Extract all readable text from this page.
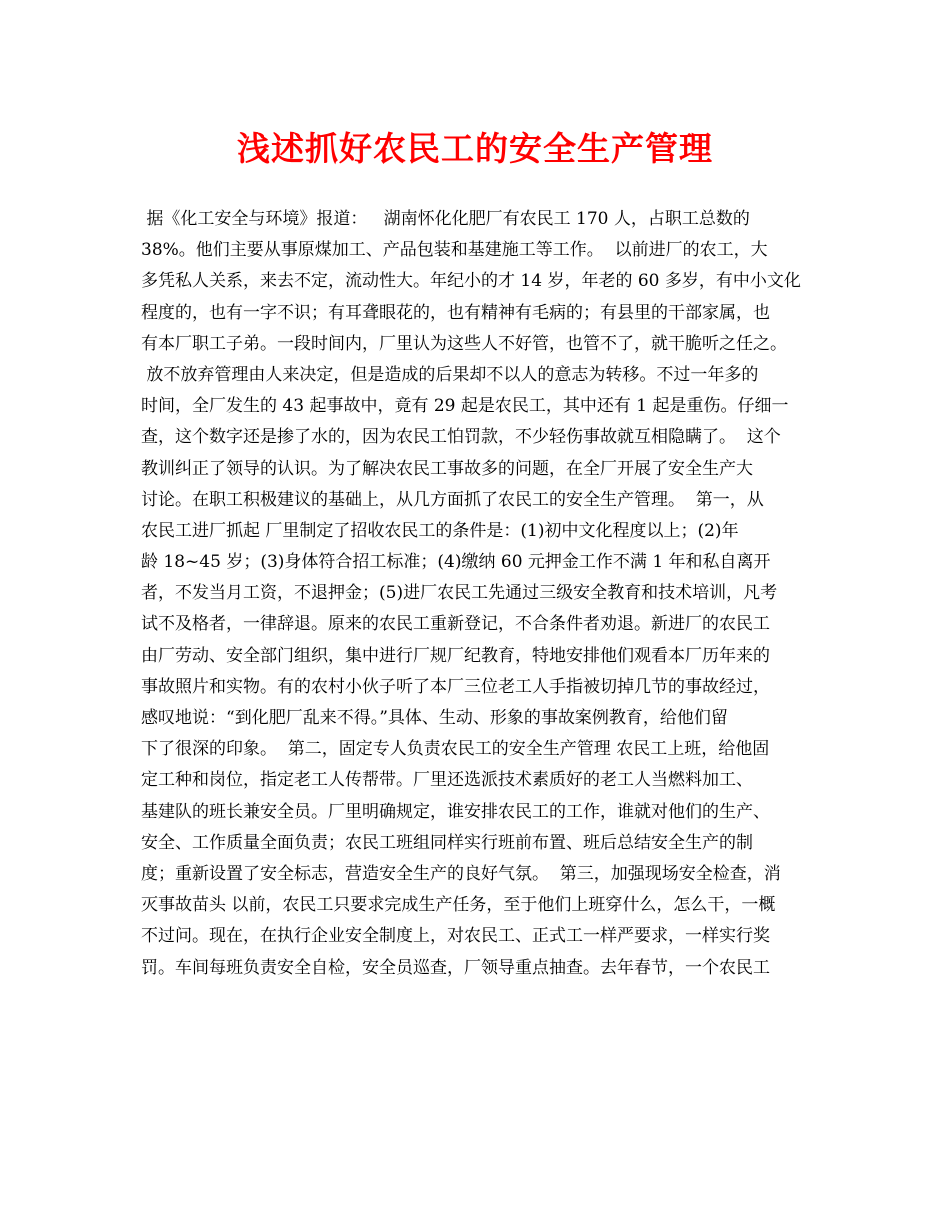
浅述抓好农民工的安全生产管理
据《化工安全与环境》报道：   湖南怀化化肥厂有农民工 170 人，占职工总数的
38%。他们主要从事原煤加工、产品包装和基建施工等工作。  以前进厂的农工，大
多凭私人关系，来去不定，流动性大。年纪小的才 14 岁，年老的 60 多岁，有中小文化
程度的，也有一字不识；有耳聋眼花的，也有精神有毛病的；有县里的干部家属，也
有本厂职工子弟。一段时间内，厂里认为这些人不好管，也管不了，就干脆听之任之。
放不放弃管理由人来决定，但是造成的后果却不以人的意志为转移。不过一年多的
时间，全厂发生的 43 起事故中，竟有 29 起是农民工，其中还有 1 起是重伤。仔细一
查，这个数字还是掺了水的，因为农民工怕罚款，不少轻伤事故就互相隐瞒了。  这个
教训纠正了领导的认识。为了解决农民工事故多的问题，在全厂开展了安全生产大
讨论。在职工积极建议的基础上，从几方面抓了农民工的安全生产管理。  第一，从
农民工进厂抓起 厂里制定了招收农民工的条件是：(1)初中文化程度以上；(2)年
龄 18~45 岁；(3)身体符合招工标准；(4)缴纳 60 元押金工作不满 1 年和私自离开
者，不发当月工资，不退押金；(5)进厂农民工先通过三级安全教育和技术培训，凡考
试不及格者，一律辞退。原来的农民工重新登记，不合条件者劝退。新进厂的农民工
由厂劳动、安全部门组织，集中进行厂规厂纪教育，特地安排他们观看本厂历年来的
事故照片和实物。有的农村小伙子听了本厂三位老工人手指被切掉几节的事故经过，
感叹地说：“到化肥厂乱来不得。”具体、生动、形象的事故案例教育，给他们留
下了很深的印象。  第二，固定专人负责农民工的安全生产管理 农民工上班，给他固
定工种和岗位，指定老工人传帮带。厂里还选派技术素质好的老工人当燃料加工、
基建队的班长兼安全员。厂里明确规定，谁安排农民工的工作，谁就对他们的生产、
安全、工作质量全面负责；农民工班组同样实行班前布置、班后总结安全生产的制
度；重新设置了安全标志，营造安全生产的良好气氛。  第三，加强现场安全检查，消
灭事故苗头 以前，农民工只要求完成生产任务，至于他们上班穿什么，怎么干，一概
不过问。现在，在执行企业安全制度上，对农民工、正式工一样严要求，一样实行奖
罚。车间每班负责安全自检，安全员巡查，厂领导重点抽查。去年春节，一个农民工
